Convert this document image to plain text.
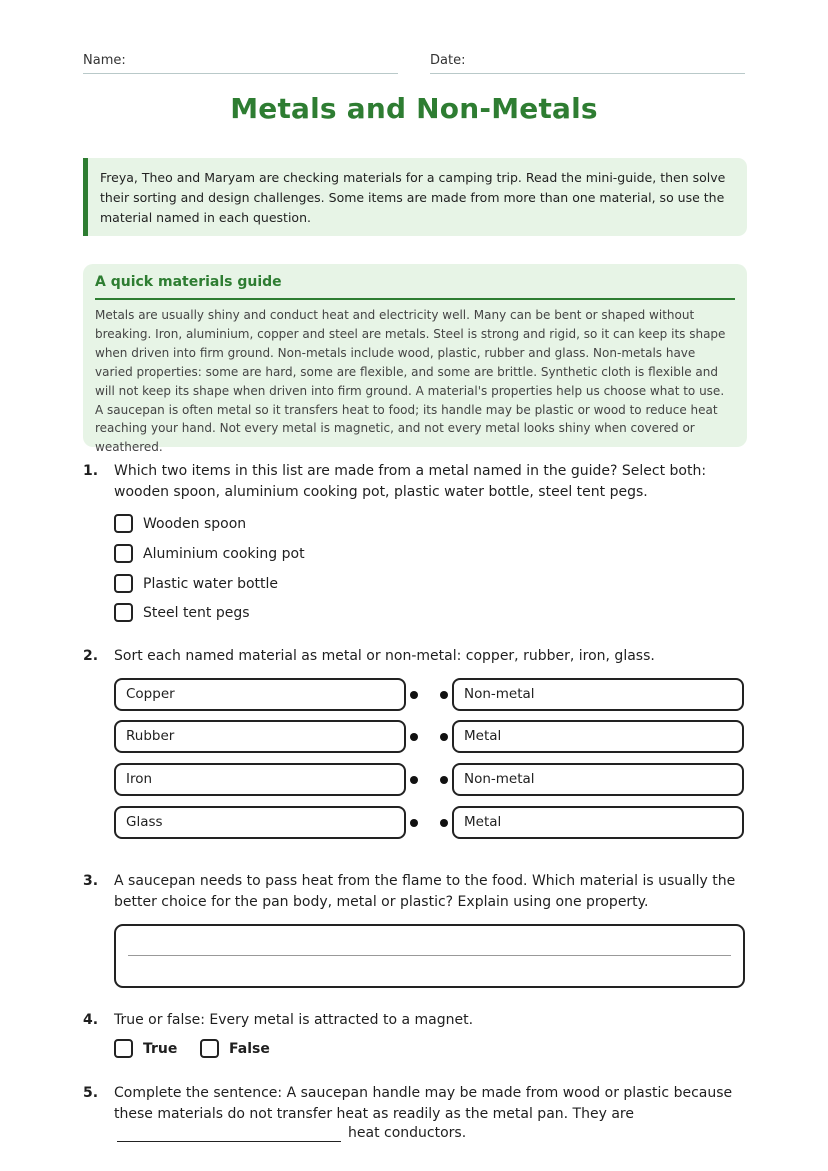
Name:	Date:
Metals and Non-Metals
Freya, Theo and Maryam are checking materials for a camping trip. Read the mini-guide, then solve their sorting and design challenges. Some items are made from more than one material, so use the material named in each question.
A quick materials guide

Metals are usually shiny and conduct heat and electricity well. Many can be bent or shaped without breaking. Iron, aluminium, copper and steel are metals. Steel is strong and rigid, so it can keep its shape when driven into firm ground. Non-metals include wood, plastic, rubber and glass. Non-metals have varied properties: some are hard, some are flexible, and some are brittle. Synthetic cloth is flexible and will not keep its shape when driven into firm ground. A material's properties help us choose what to use. A saucepan is often metal so it transfers heat to food; its handle may be plastic or wood to reduce heat reaching your hand. Not every metal is magnetic, and not every metal looks shiny when covered or weathered.

1. Which two items in this list are made from a metal named in the guide? Select both: wooden spoon, aluminium cooking pot, plastic water bottle, steel tent pegs.
Wooden spoon
Aluminium cooking pot
Plastic water bottle
Steel tent pegs
2. Sort each named material as metal or non-metal: copper, rubber, iron, glass.
Copper	Non-metal
Rubber	Metal
Iron	Non-metal
Glass	Metal
3. A saucepan needs to pass heat from the flame to the food. Which material is usually the better choice for the pan body, metal or plastic? Explain using one property.
4. True or false: Every metal is attracted to a magnet.
True	False
5. Complete the sentence: A saucepan handle may be made from wood or plastic because these materials do not transfer heat as readily as the metal pan. They are
heat conductors.
